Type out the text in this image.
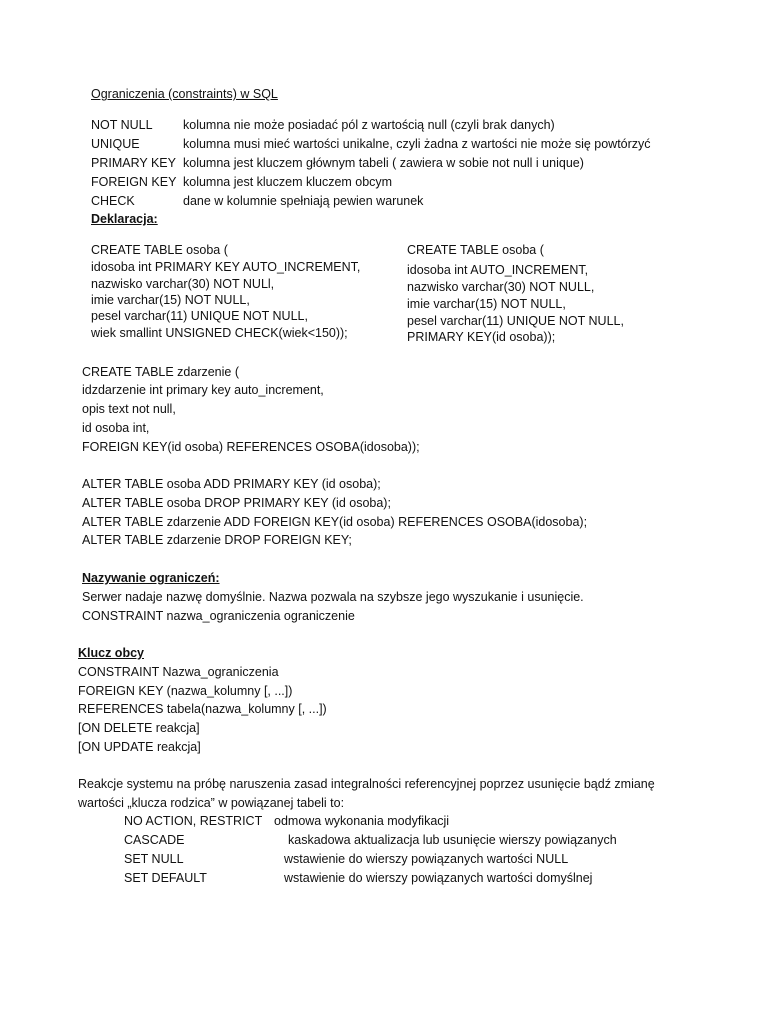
Ograniczenia (constraints) w SQL
NOT NULL kolumna nie może posiadać pól z wartością null (czyli brak danych)
UNIQUE	kolumna musi mieć wartości unikalne, czyli żadna z wartości nie może się powtórzyć
PRIMARY KEY kolumna jest kluczem głównym tabeli ( zawiera w sobie not null i unique)
FOREIGN KEY kolumna jest kluczem kluczem obcym
CHECK	dane w kolumnie spełniają pewien warunek
Deklaracja:
CREATE TABLE osoba (
idosoba int PRIMARY KEY AUTO_INCREMENT,
nazwisko varchar(30) NOT NULl,
imie varchar(15) NOT NULL,
pesel varchar(11) UNIQUE NOT NULL,
wiek smallint UNSIGNED CHECK(wiek<150));
CREATE TABLE osoba (
idosoba int AUTO_INCREMENT,
nazwisko varchar(30) NOT NULL,
imie varchar(15) NOT NULL,
pesel varchar(11) UNIQUE NOT NULL,
PRIMARY KEY(id osoba));
CREATE TABLE zdarzenie (
idzdarzenie int primary key auto_increment,
opis text not null,
id osoba int,
FOREIGN KEY(id osoba) REFERENCES OSOBA(idosoba));
ALTER TABLE osoba ADD PRIMARY KEY (id osoba);
ALTER TABLE osoba DROP PRIMARY KEY (id osoba);
ALTER TABLE zdarzenie ADD FOREIGN KEY(id osoba) REFERENCES OSOBA(idosoba);
ALTER TABLE zdarzenie DROP FOREIGN KEY;
Nazywanie ograniczeń:
Serwer nadaje nazwę domyślnie. Nazwa pozwala na szybsze jego wyszukanie i usunięcie.
CONSTRAINT nazwa_ograniczenia ograniczenie
Klucz obcy
CONSTRAINT Nazwa_ograniczenia
FOREIGN KEY (nazwa_kolumny [, ...])
REFERENCES tabela(nazwa_kolumny [, ...])
[ON DELETE reakcja]
[ON UPDATE reakcja]
Reakcje systemu na próbę naruszenia zasad integralności referencyjnej poprzez usunięcie bądź zmianę
wartości „klucza rodzica” w powiązanej tabeli to:
NO ACTION, RESTRICT odmowa wykonania modyfikacji
CASCADE	kaskadowa aktualizacja lub usunięcie wierszy powiązanych
SET NULL	wstawienie do wierszy powiązanych wartości NULL
SET DEFAULT	wstawienie do wierszy powiązanych wartości domyślnej
